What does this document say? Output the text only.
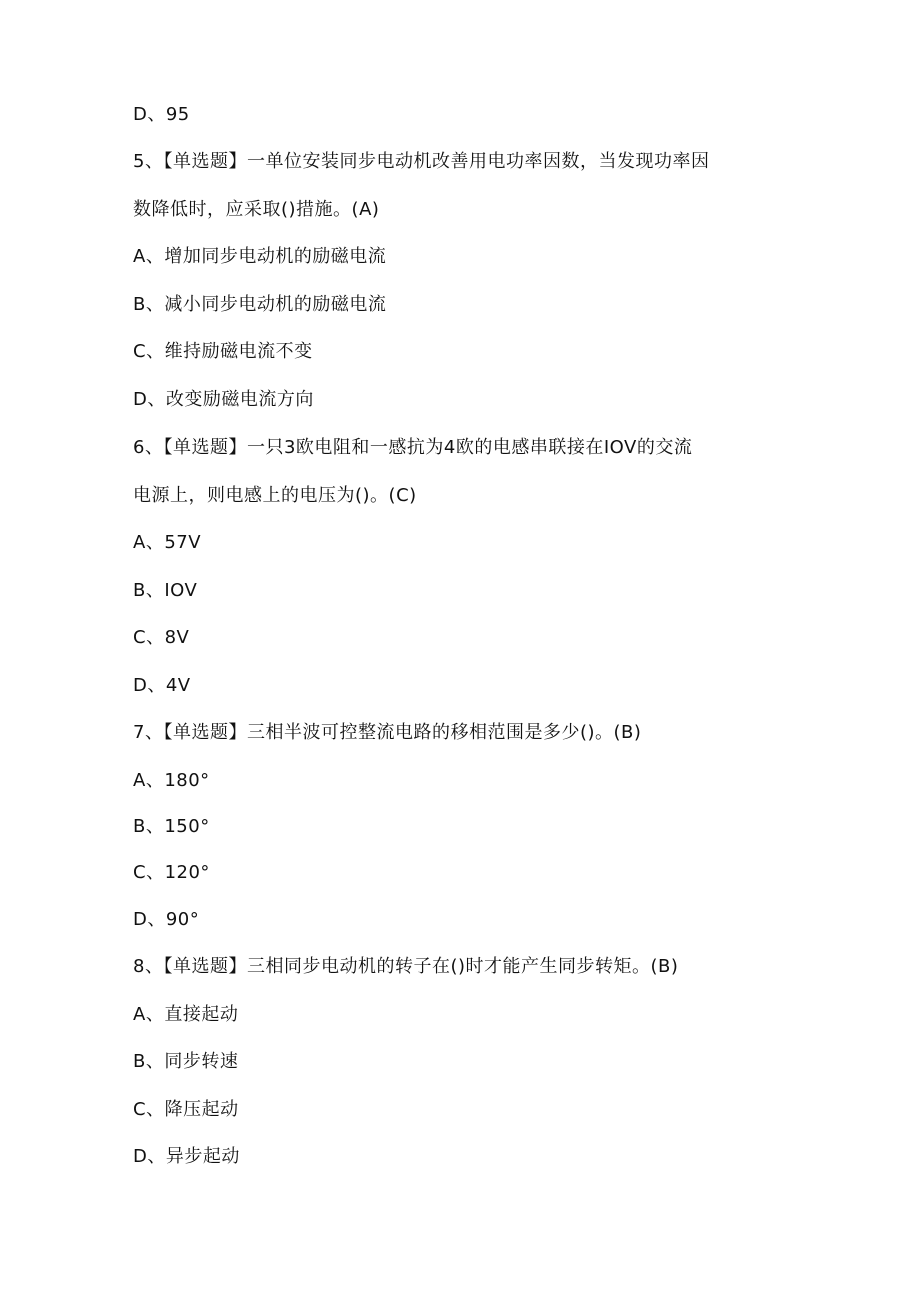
D、95
5、【单选题】一单位安装同步电动机改善用电功率因数，当发现功率因
数降低时，应采取()措施。(A)
A、增加同步电动机的励磁电流
B、减小同步电动机的励磁电流
C、维持励磁电流不变
D、改变励磁电流方向
6、【单选题】一只3欧电阻和一感抗为4欧的电感串联接在IOV的交流
电源上，则电感上的电压为()。(C)
A、57V
B、IOV
C、8V
D、4V
7、【单选题】三相半波可控整流电路的移相范围是多少()。(B)
A、180°
B、150°
C、120°
D、90°
8、【单选题】三相同步电动机的转子在()时才能产生同步转矩。(B)
A、直接起动
B、同步转速
C、降压起动
D、异步起动
